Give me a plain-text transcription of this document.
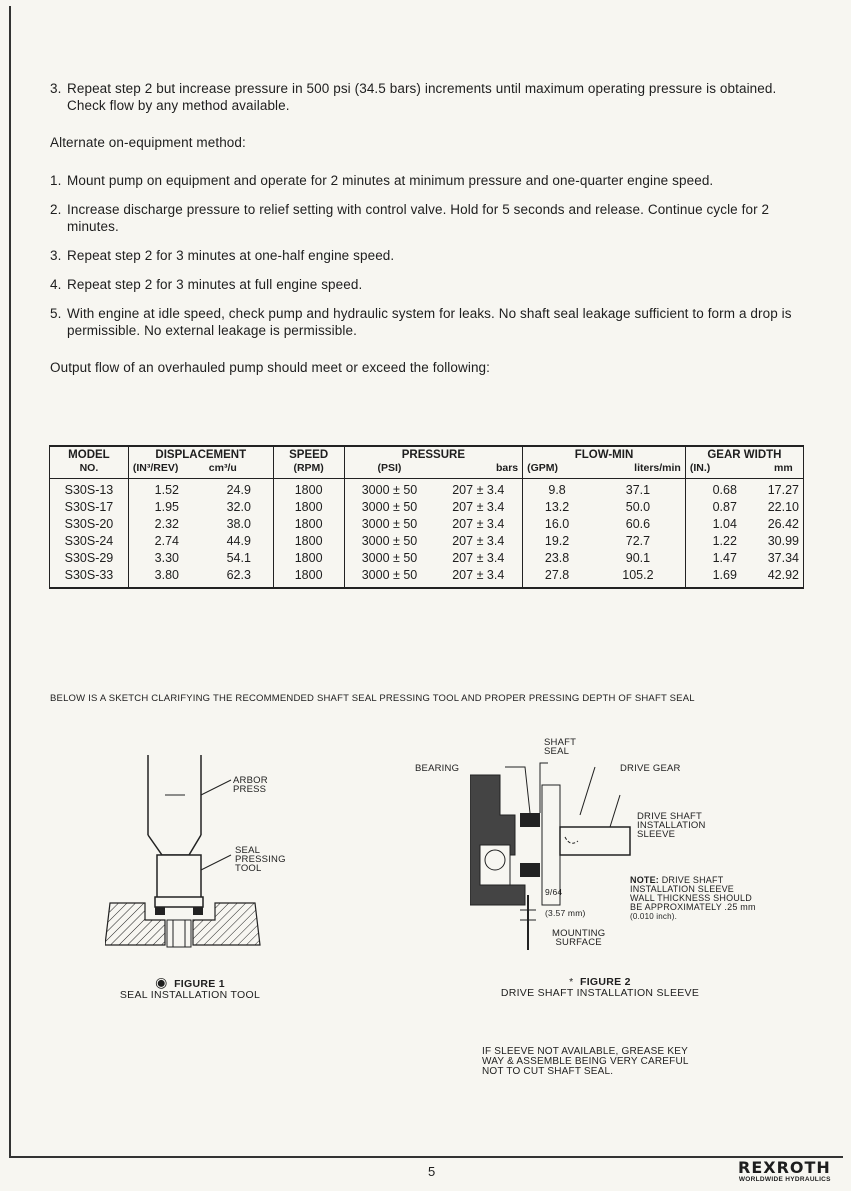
3. Repeat step 2 but increase pressure in 500 psi (34.5 bars) increments until maximum operating pressure is obtained. Check flow by any method available.

Alternate on-equipment method:

1. Mount pump on equipment and operate for 2 minutes at minimum pressure and one-quarter engine speed.

2. Increase discharge pressure to relief setting with control valve. Hold for 5 seconds and release. Continue cycle for 2 minutes.

3. Repeat step 2 for 3 minutes at one-half engine speed.

4. Repeat step 2 for 3 minutes at full engine speed.

5. With engine at idle speed, check pump and hydraulic system for leaks. No shaft seal leakage sufficient to form a drop is permissible. No external leakage is permissible.

Output flow of an overhauled pump should meet or exceed the following:

MODEL	DISPLACEMENT		SPEED	PRESSURE		FLOW-MIN		GEAR WIDTH	
NO.	(IN³/REV)	cm³/u	(RPM)	(PSI)	bars	(GPM)	liters/min	(IN.)	mm
S30S-13	1.52	24.9	1800	3000 ± 50	207 ± 3.4	9.8	37.1	0.68	17.27
S30S-17	1.95	32.0	1800	3000 ± 50	207 ± 3.4	13.2	50.0	0.87	22.10
S30S-20	2.32	38.0	1800	3000 ± 50	207 ± 3.4	16.0	60.6	1.04	26.42
S30S-24	2.74	44.9	1800	3000 ± 50	207 ± 3.4	19.2	72.7	1.22	30.99
S30S-29	3.30	54.1	1800	3000 ± 50	207 ± 3.4	23.8	90.1	1.47	37.34
S30S-33	3.80	62.3	1800	3000 ± 50	207 ± 3.4	27.8	105.2	1.69	42.92
BELOW IS A SKETCH CLARIFYING THE RECOMMENDED SHAFT SEAL PRESSING TOOL AND PROPER PRESSING DEPTH OF SHAFT SEAL
ARBOR
PRESS
SEAL
PRESSING
TOOL
◉ FIGURE 1
SEAL INSTALLATION TOOL
SHAFT
SEAL
BEARING	DRIVE GEAR
DRIVE SHAFT
INSTALLATION
SLEEVE
9/64
(3.57 mm)
MOUNTING
SURFACE
NOTE: DRIVE SHAFT
INSTALLATION SLEEVE
WALL THICKNESS SHOULD
BE APPROXIMATELY .25 mm
(0.010 inch).
* FIGURE 2
DRIVE SHAFT INSTALLATION SLEEVE
IF SLEEVE NOT AVAILABLE, GREASE KEY
WAY & ASSEMBLE BEING VERY CAREFUL
NOT TO CUT SHAFT SEAL.
5	REXROTH
WORLDWIDE HYDRAULICS
